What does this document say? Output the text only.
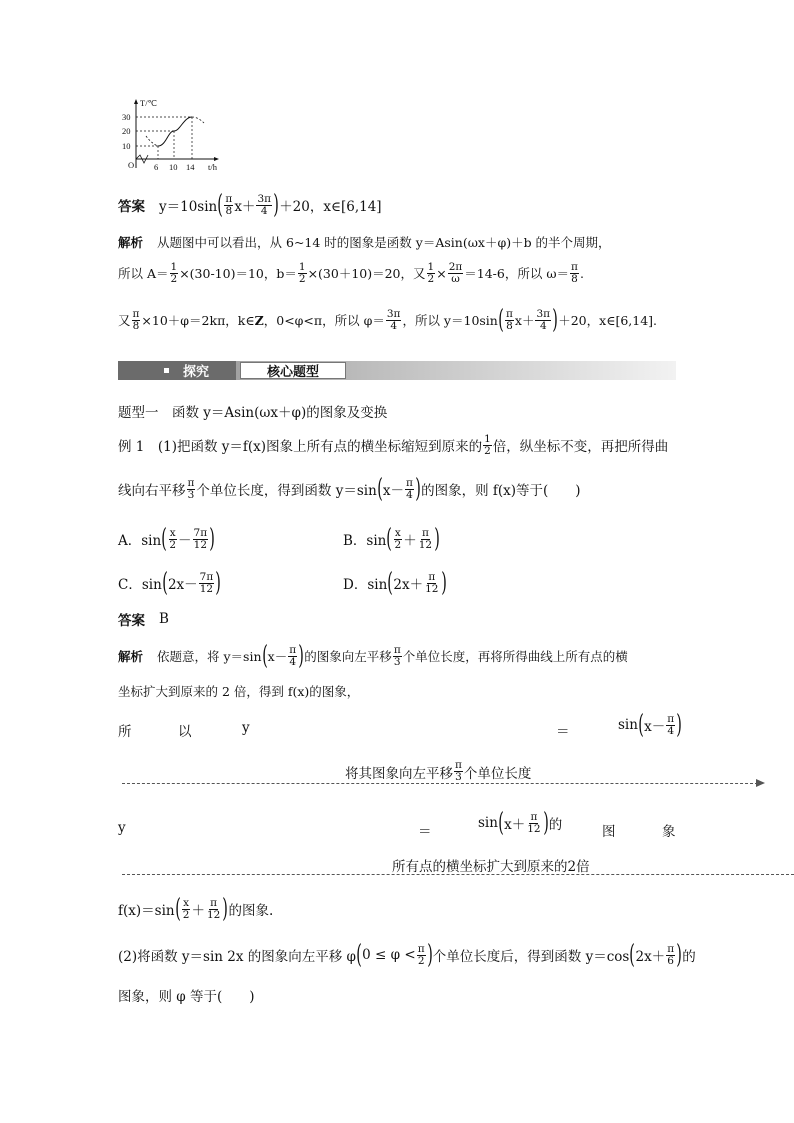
T/℃
t/h
O
30
20
10
6 10 14
答案 y＝10sin ( $\frac{\pi}{8} x+ \frac{3\pi}{4}$ ) ＋20，x∈[6,14]
解析 从题图中可以看出，从 6~14 时的图象是函数 y＝Asin(ωx＋φ)＋b 的半个周期，
所以 $A= \frac{1}{2} \times(30-10)=10$，$b= \frac{1}{2} \times(30+10)=20$，又 $\frac{1}{2} \times \frac{2\pi}{\omega} =14-6$，所以 $\omega= \frac{\pi}{8}$ .
又 $\frac{\pi}{8} \times 10+\varphi=2k\pi$，k∈ Z ，0<φ<π，所以 $\varphi= \frac{3\pi}{4}$ ，所以 y＝10sin ( $\frac{\pi}{8} x+ \frac{3\pi}{4}$ ) ＋20，x∈[6,14].
探究	核心题型
题型一　函数 y＝Asin(ωx＋φ)的图象及变换
例 1　(1)把函数 y＝f(x)图象上所有点的横坐标缩短到原来的 $\frac{1}{2}$ 倍，纵坐标不变，再把所得曲
线向右平移 $\frac{\pi}{3}$ 个单位长度，得到函数 y＝sin ( $x- \frac{\pi}{4}$ ) 的图象，则 f(x)等于(　　)
A．sin ( $\frac{x}{2} - \frac{7\pi}{12}$ )	B．sin ( $\frac{x}{2} + \frac{\pi}{12}$ )
C．sin ( $2x- \frac{7\pi}{12}$ )	D．sin ( $2x+ \frac{\pi}{12}$ )
答案 B
解析 依题意，将 y＝sin ( $x- \frac{\pi}{4}$ ) 的图象向左平移 $\frac{\pi}{3}$ 个单位长度，再将所得曲线上所有点的横
坐标扩大到原来的 2 倍，得到 f(x)的图象，
所	以	y	＝	sin ( $x- \frac{\pi}{4}$ )
将其图象向左平移 $\frac{\pi}{3}$ 个单位长度
y	＝
sin ( $x+ \frac{\pi}{12}$ ) 的	图	象
所有点的横坐标扩大到原来的2倍
f(x)＝sin ( $\frac{x}{2} + \frac{\pi}{12}$ ) 的图象.
(2)将函数 y＝sin 2x 的图象向左平移 φ ( $0 \le \varphi < \frac{\pi}{2}$ ) 个单位长度后，得到函数 y＝cos ( $2x+ \frac{\pi}{6}$ ) 的
图象，则 φ 等于(　　)
